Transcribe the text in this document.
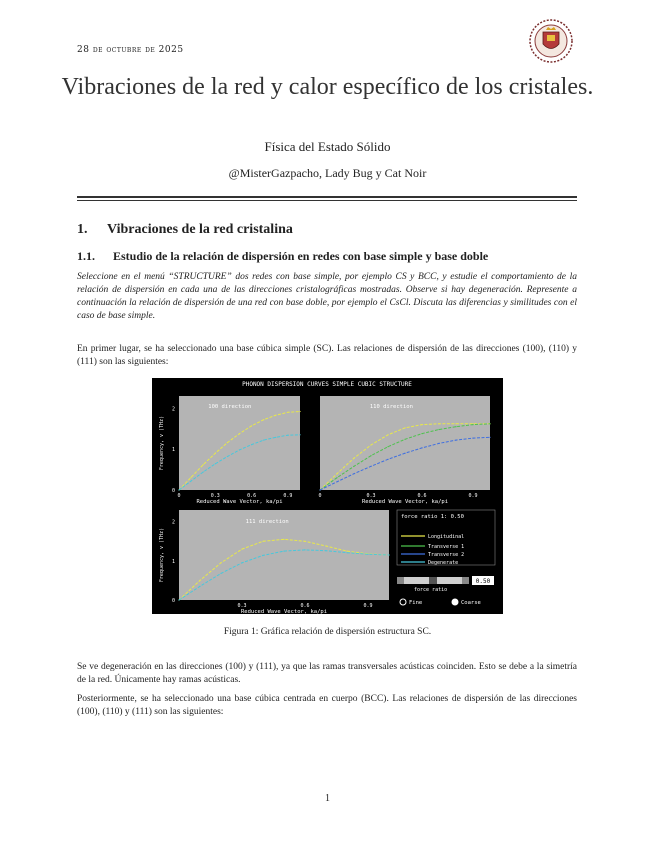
28 de octubre de 2025
Vibraciones de la red y calor específico de los cristales.
Física del Estado Sólido
@MisterGazpacho, Lady Bug y Cat Noir
1. Vibraciones de la red cristalina
1.1. Estudio de la relación de dispersión en redes con base simple y base doble
Seleccione en el menú “STRUCTURE” dos redes con base simple, por ejemplo CS y BCC, y estudie el comportamiento de la relación de dispersión en cada una de las direcciones cristalográficas mostradas. Observe si hay degeneración. Represente a continuación la relación de dispersión de una red con base doble, por ejemplo el CsCl. Discuta las diferencias y similitudes con el caso de base simple.
En primer lugar, se ha seleccionado una base cúbica simple (SC). Las relaciones de dispersión de las direcciones (100), (110) y (111) son las siguientes:
PHONON DISPERSION CURVES SIMPLE CUBIC STRUCTURE
100 direction
0	0.3	0.6	0.9
0
1
2
Reduced Wave Vector, ka/pi
Frequency, v (THz)
110 direction
0	0.3	0.6	0.9
Reduced Wave Vector, ka/pi
111 direction
0.3	0.6	0.9
0
1
2
Reduced Wave Vector, ka/pi
Frequency, v (THz)
force ratio 1: 0.50
Longitudinal
Transverse 1
Transverse 2
Degenerate
0.50
force ratio
Fine	Coarse
Figura 1: Gráfica relación de dispersión estructura SC.
Se ve degeneración en las direcciones (100) y (111), ya que las ramas transversales acústicas coinciden. Esto se debe a la simetría de la red. Únicamente hay ramas acústicas.
Posteriormente, se ha seleccionado una base cúbica centrada en cuerpo (BCC). Las relaciones de dispersión de las direcciones (100), (110) y (111) son las siguientes:
1
